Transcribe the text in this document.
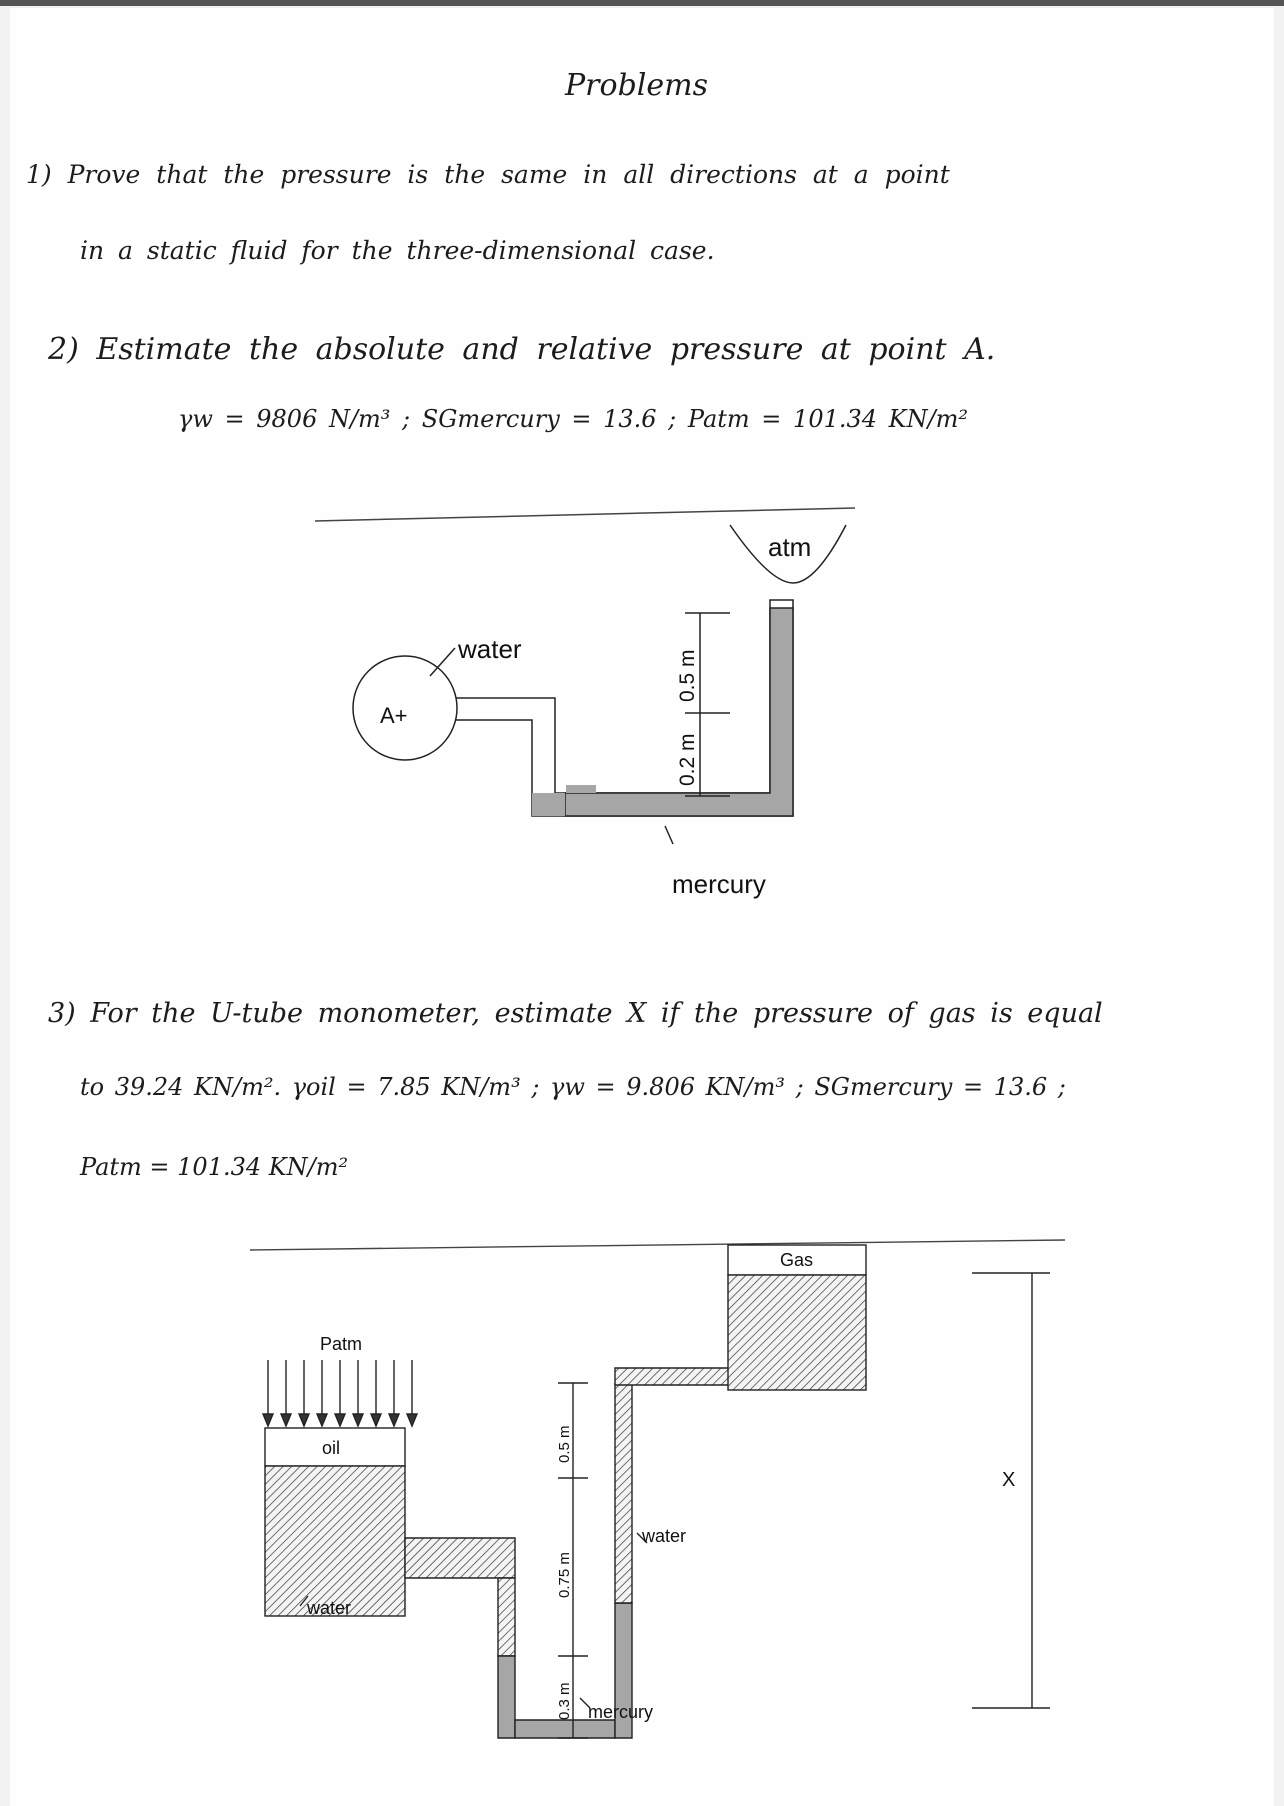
Problems
1) Prove that the pressure is the same in all directions at a point
in a static fluid for the three-dimensional case.
2) Estimate the absolute and relative pressure at point A.
γw = 9806 N/m³ ; SGmercury = 13.6 ; Patm = 101.34 KN/m²
3) For the U-tube monometer, estimate X if the pressure of gas is equal
to 39.24 KN/m². γoil = 7.85 KN/m³ ; γw = 9.806 KN/m³ ; SGmercury = 13.6 ;
Patm = 101.34 KN/m²
atm
water
A+
0.5 m
0.2 m
mercury
Patm
oil
water
Gas
water
mercury
0.5 m
0.75 m
0.3 m
X
